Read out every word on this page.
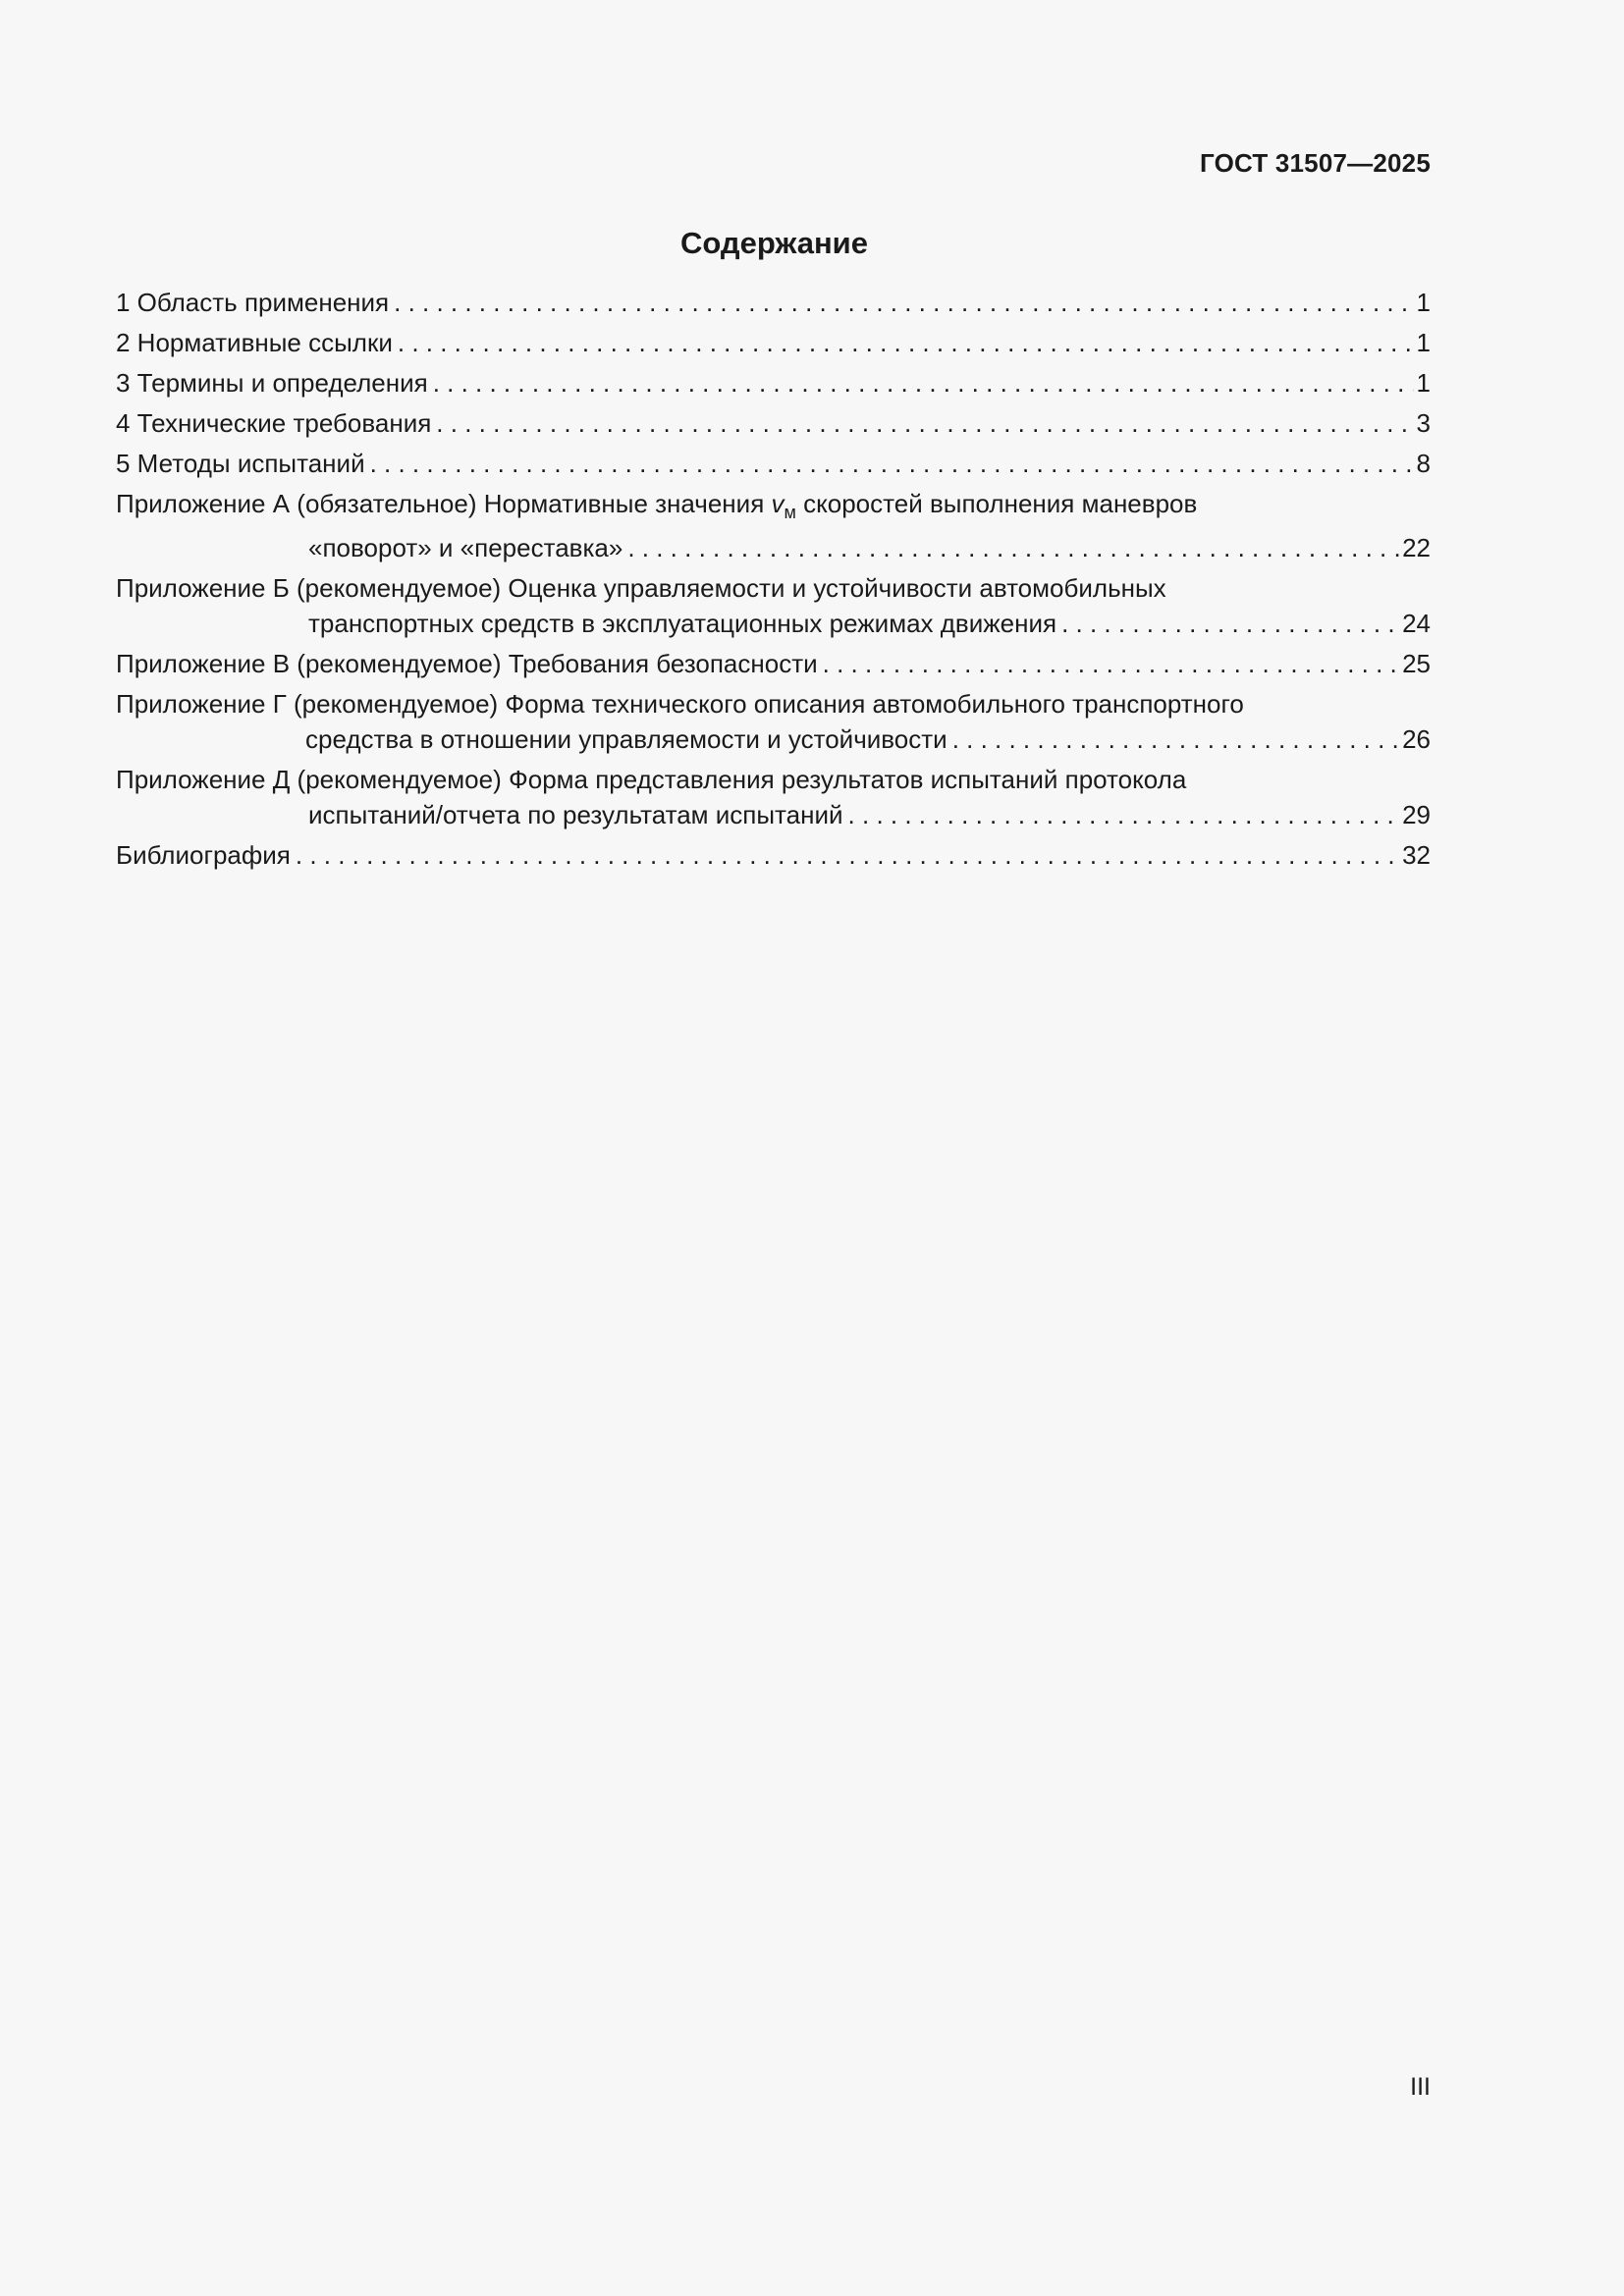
ГОСТ 31507—2025
Содержание
1 Область применения . . .	1
2 Нормативные ссылки . . .	1
3 Термины и определения . . .	1
4 Технические требования . . .	3
5 Методы испытаний . . .	8
Приложение А (обязательное) Нормативные значения $v_м$ скоростей выполнения маневров
«поворот» и «переставка» . . .	22
Приложение Б (рекомендуемое) Оценка управляемости и устойчивости автомобильных
транспортных средств в эксплуатационных режимах движения . . .	24
Приложение В (рекомендуемое) Требования безопасности . . .	25
Приложение Г (рекомендуемое) Форма технического описания автомобильного транспортного
средства в отношении управляемости и устойчивости . . .	26
Приложение Д (рекомендуемое) Форма представления результатов испытаний протокола
испытаний/отчета по результатам испытаний . . .	29
Библиография . . .	32
III
